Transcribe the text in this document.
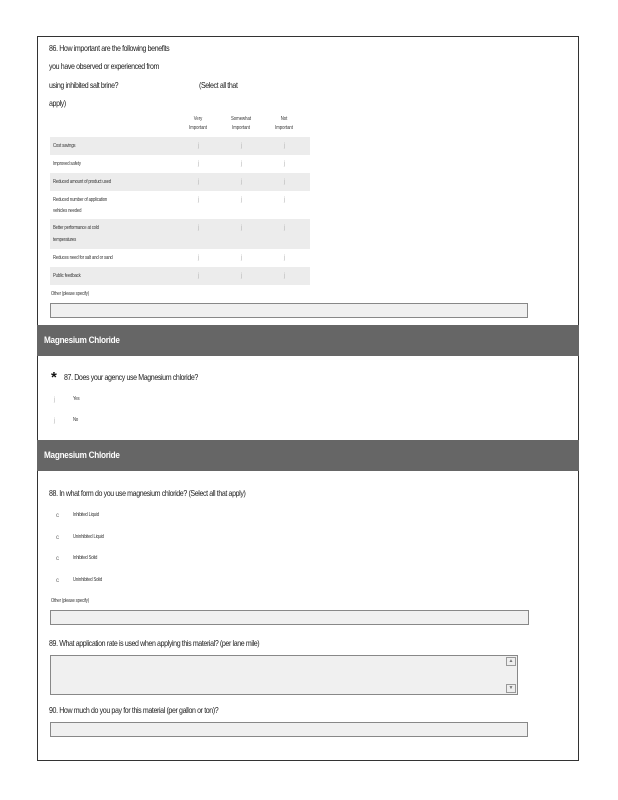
86. How important are the following benefits
you have observed or experienced from
using inhibited salt brine?	(Select all that
apply)
Very
Important
Somewhat
Important
Not
Important
Cost savings	j	j	j
Improved safety	j	j	j
Reduced amount of product used	j	j	j
Reduced number of application
vehicles needed
j	j	j
Better performance at cold
temperatures
j	j	j
Reduces need for salt and or sand	j	j	j
Public feedback	j	j	j
Other (please specify)
Magnesium Chloride
* 87. Does your agency use Magnesium chloride?
j	Yes
j	No
Magnesium Chloride
88. In what form do you use magnesium chloride? (Select all that apply)
c	Inhibited Liquid
c	Uninhibited Liquid
c	Inhibited Solid
c	Uninhibited Solid
Other (please specify)
89. What application rate is used when applying this material? (per lane mile)
▲
▼
90. How much do you pay for this material (per gallon or ton)?
